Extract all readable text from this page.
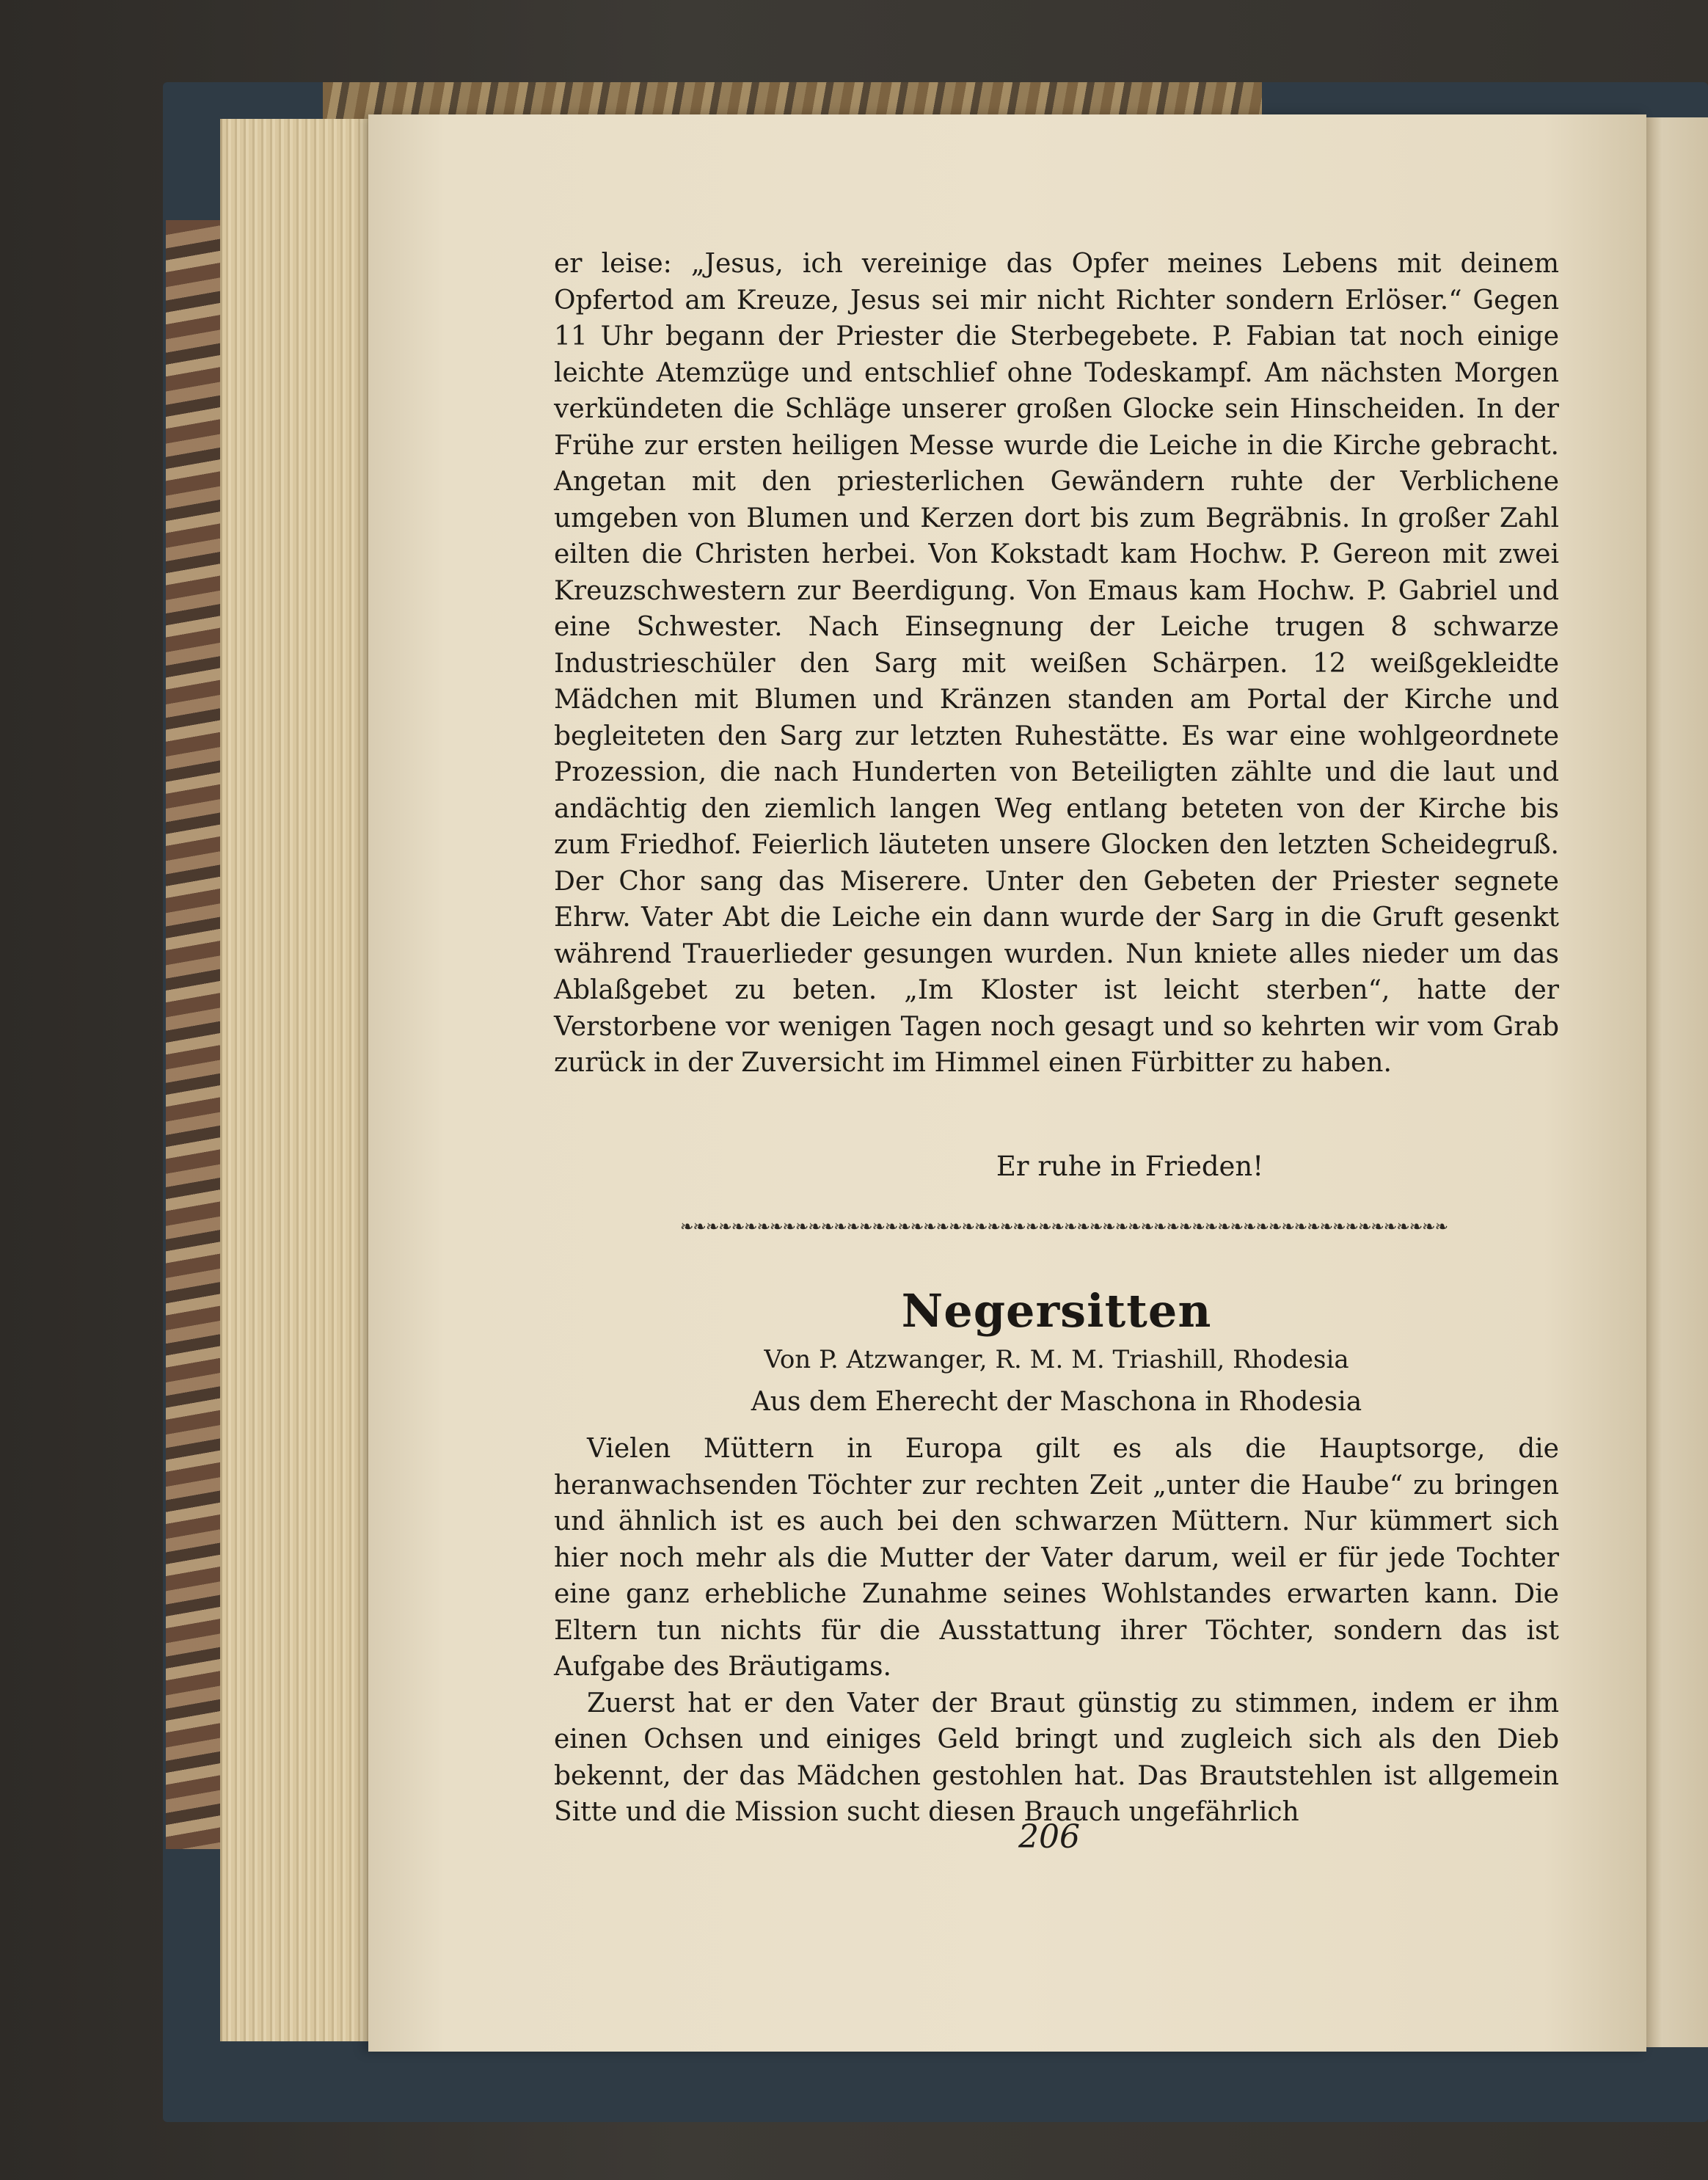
er leise: „Jesus, ich vereinige das Opfer meines Lebens mit deinem Opfertod am Kreuze, Jesus sei mir nicht Richter sondern Erlöser.“ Gegen 11 Uhr begann der Priester die Sterbegebete. P. Fabian tat noch einige leichte Atemzüge und entschlief ohne Todeskampf. Am nächsten Morgen verkündeten die Schläge unserer großen Glocke sein Hinscheiden. In der Frühe zur ersten heiligen Messe wurde die Leiche in die Kirche gebracht. Angetan mit den priesterlichen Gewändern ruhte der Verblichene umgeben von Blumen und Kerzen dort bis zum Begräbnis. In großer Zahl eilten die Christen herbei. Von Kokstadt kam Hochw. P. Gereon mit zwei Kreuzschwestern zur Beerdigung. Von Emaus kam Hochw. P. Gabriel und eine Schwester. Nach Einsegnung der Leiche trugen 8 schwarze Industrieschüler den Sarg mit weißen Schärpen. 12 weißgekleidte Mädchen mit Blumen und Kränzen standen am Portal der Kirche und begleiteten den Sarg zur letzten Ruhestätte. Es war eine wohlgeordnete Prozession, die nach Hunderten von Beteiligten zählte und die laut und andächtig den ziemlich langen Weg entlang beteten von der Kirche bis zum Friedhof. Feierlich läuteten unsere Glocken den letzten Scheidegruß. Der Chor sang das Miserere. Unter den Gebeten der Priester segnete Ehrw. Vater Abt die Leiche ein dann wurde der Sarg in die Gruft gesenkt während Trauerlieder gesungen wurden. Nun kniete alles nieder um das Ablaßgebet zu beten. „Im Kloster ist leicht sterben“, hatte der Verstorbene vor wenigen Tagen noch gesagt und so kehrten wir vom Grab zurück in der Zuversicht im Himmel einen Fürbitter zu haben.

Er ruhe in Frieden!

❧❧❧❧❧❧❧❧❧❧❧❧❧❧❧❧❧❧❧❧❧❧❧❧❧❧❧❧❧❧❧❧❧❧❧❧❧❧❧❧❧❧❧❧❧❧❧❧❧❧❧❧❧❧❧❧❧❧❧❧
Negersitten

Von P. Atzwanger, R. M. M. Triashill, Rhodesia

Aus dem Eherecht der Maschona in Rhodesia

Vielen Müttern in Europa gilt es als die Hauptsorge, die heranwachsenden Töchter zur rechten Zeit „unter die Haube“ zu bringen und ähnlich ist es auch bei den schwarzen Müttern. Nur kümmert sich hier noch mehr als die Mutter der Vater darum, weil er für jede Tochter eine ganz erhebliche Zunahme seines Wohlstandes erwarten kann. Die Eltern tun nichts für die Ausstattung ihrer Töchter, sondern das ist Aufgabe des Bräutigams.

Zuerst hat er den Vater der Braut günstig zu stimmen, indem er ihm einen Ochsen und einiges Geld bringt und zugleich sich als den Dieb bekennt, der das Mädchen gestohlen hat. Das Brautstehlen ist allgemein Sitte und die Mission sucht diesen Brauch ungefährlich

206
